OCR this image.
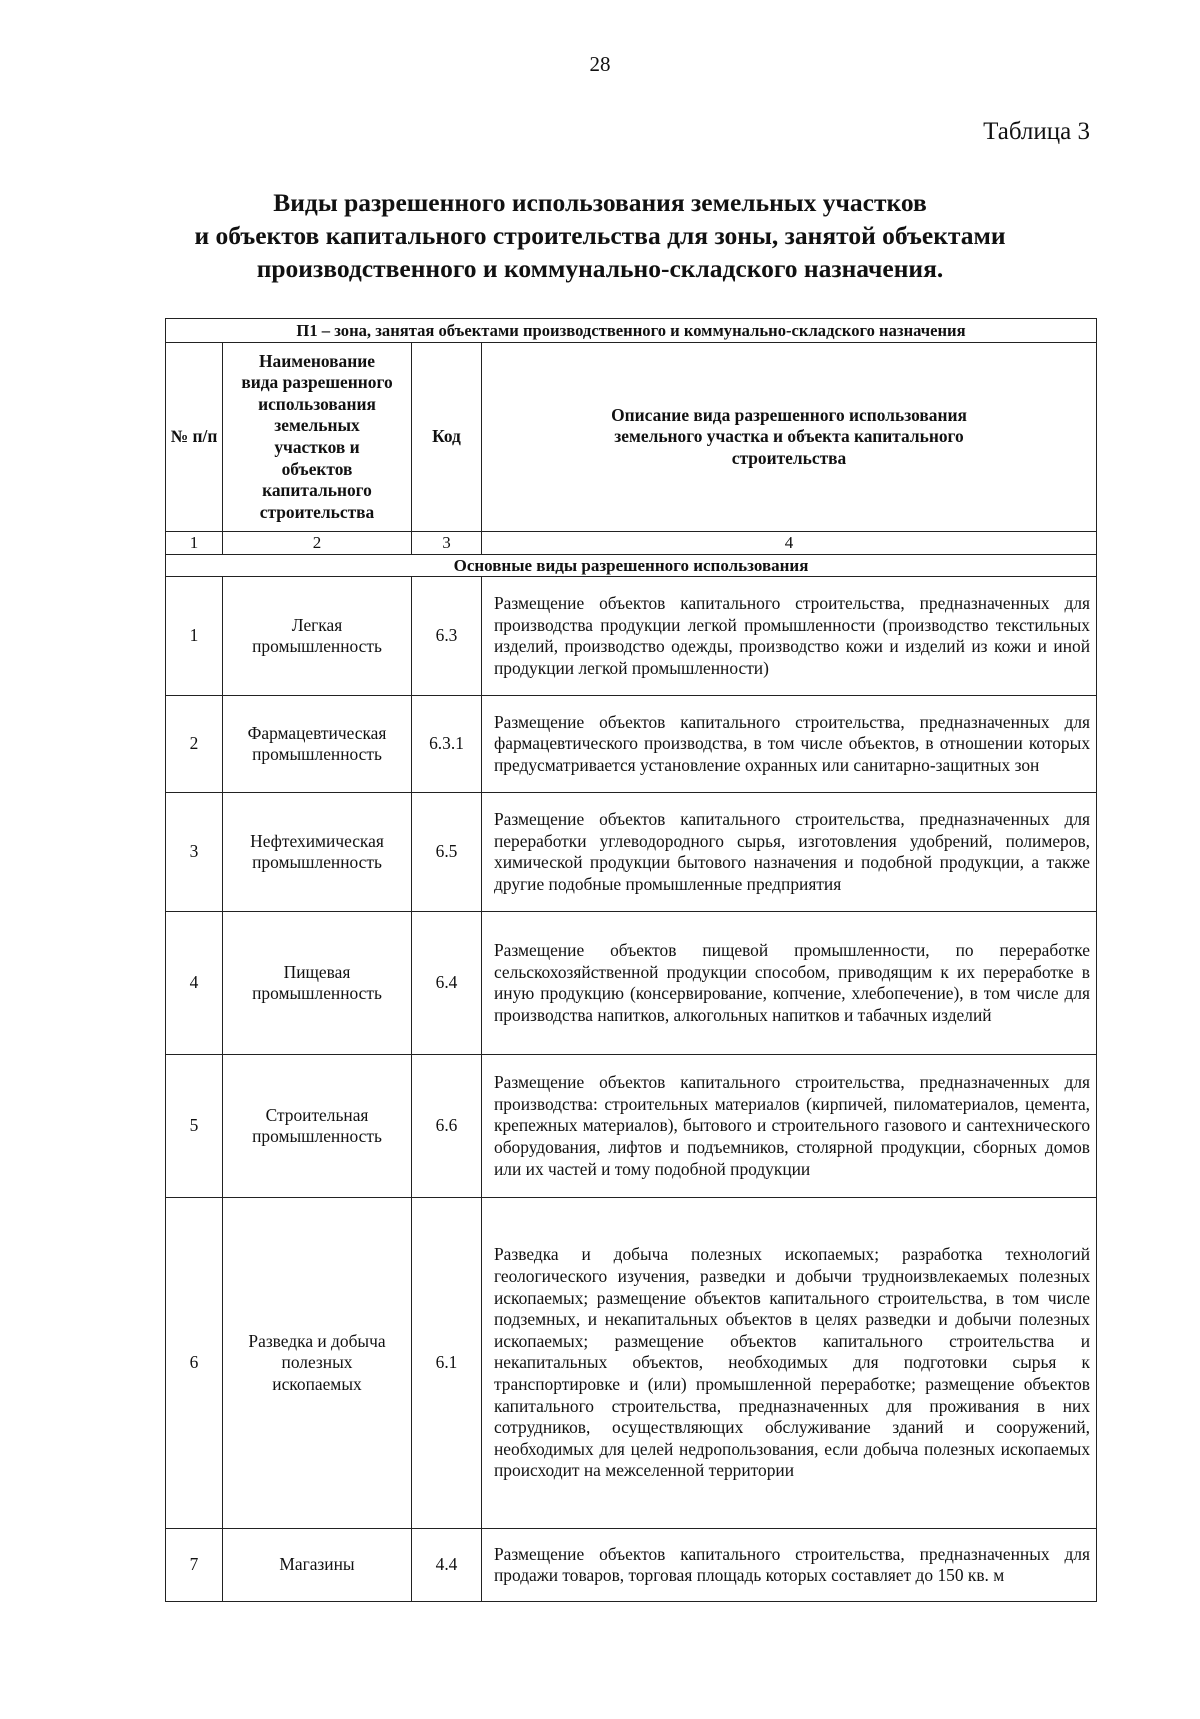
28
Таблица 3
Виды разрешенного использования земельных участков
и объектов капитального строительства для зоны, занятой объектами
производственного и коммунально-складского назначения.
П1 – зона, занятая объектами производственного и коммунально-складского назначения			
№ п/п	Наименование вида разрешенного использования земельных участков и объектов капитального строительства	Код	Описание вида разрешенного использования земельного участка и объекта капитального строительства
1	2	3	4
Основные виды разрешенного использования			
1	Легкая промышленность	6.3	Размещение объектов капитального строительства, предназначенных для производства продукции легкой промышленности (производство текстильных изделий, производство одежды, производство кожи и изделий из кожи и иной продукции легкой промышленности)
2	Фармацевтическая промышленность	6.3.1	Размещение объектов капитального строительства, предназначенных для фармацевтического производства, в том числе объектов, в отношении которых предусматривается установление охранных или санитарно-защитных зон
3	Нефтехимическая промышленность	6.5	Размещение объектов капитального строительства, предназначенных для переработки углеводородного сырья, изготовления удобрений, полимеров, химической продукции бытового назначения и подобной продукции, а также другие подобные промышленные предприятия
4	Пищевая промышленность	6.4	Размещение объектов пищевой промышленности, по переработке сельскохозяйственной продукции способом, приводящим к их переработке в иную продукцию (консервирование, копчение, хлебопечение), в том числе для производства напитков, алкогольных напитков и табачных изделий
5	Строительная промышленность	6.6	Размещение объектов капитального строительства, предназначенных для производства: строительных материалов (кирпичей, пиломатериалов, цемента, крепежных материалов), бытового и строительного газового и сантехнического оборудования, лифтов и подъемников, столярной продукции, сборных домов или их частей и тому подобной продукции
6	Разведка и добыча полезных ископаемых	6.1	Разведка и добыча полезных ископаемых; разработка технологий геологического изучения, разведки и добычи трудноизвлекаемых полезных ископаемых; размещение объектов капитального строительства, в том числе подземных, и некапитальных объектов в целях разведки и добычи полезных ископаемых; размещение объектов капитального строительства и некапитальных объектов, необходимых для подготовки сырья к транспортировке и (или) промышленной переработке; размещение объектов капитального строительства, предназначенных для проживания в них сотрудников, осуществляющих обслуживание зданий и сооружений, необходимых для целей недропользования, если добыча полезных ископаемых происходит на межселенной территории
7	Магазины	4.4	Размещение объектов капитального строительства, предназначенных для продажи товаров, торговая площадь которых составляет до 150 кв. м
